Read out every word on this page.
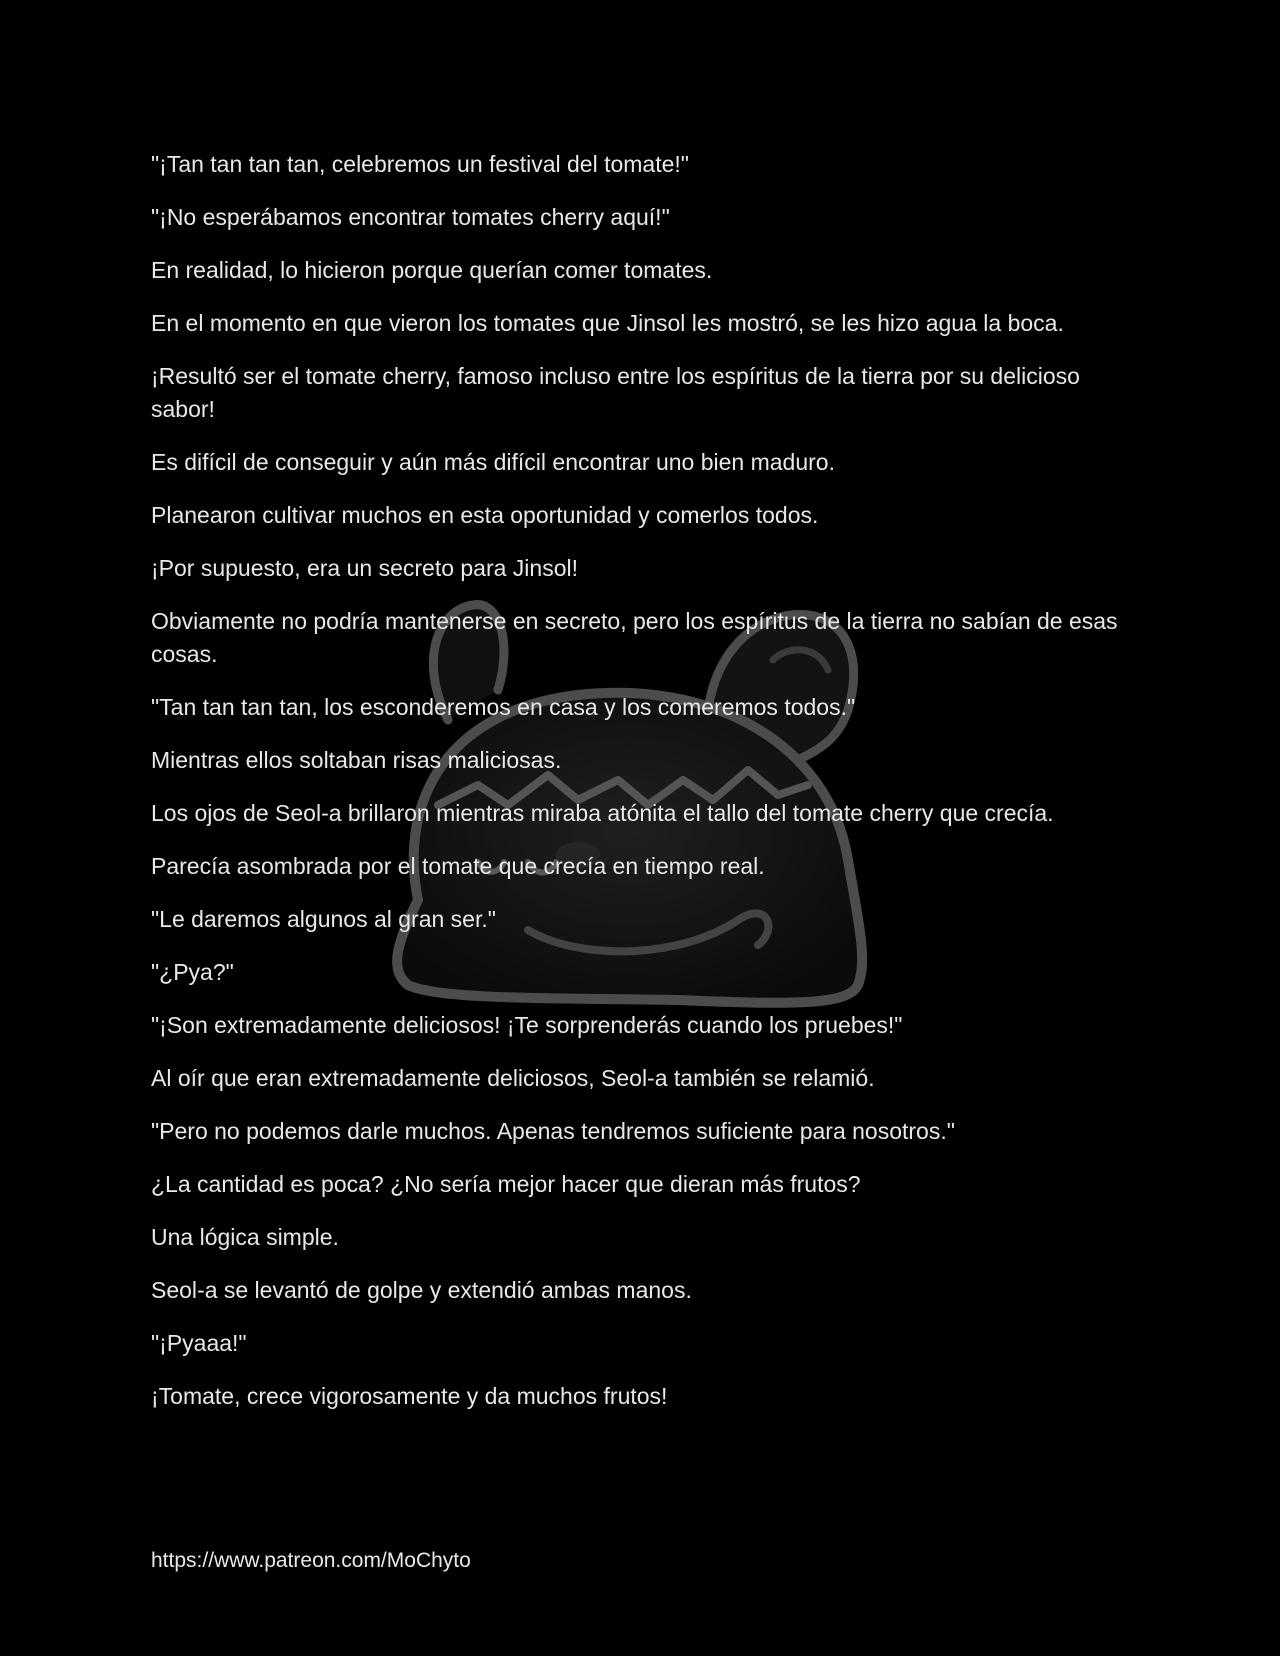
"¡Tan tan tan tan, celebremos un festival del tomate!"

"¡No esperábamos encontrar tomates cherry aquí!"

En realidad, lo hicieron porque querían comer tomates.

En el momento en que vieron los tomates que Jinsol les mostró, se les hizo agua la boca.

¡Resultó ser el tomate cherry, famoso incluso entre los espíritus de la tierra por su delicioso sabor!

Es difícil de conseguir y aún más difícil encontrar uno bien maduro.

Planearon cultivar muchos en esta oportunidad y comerlos todos.

¡Por supuesto, era un secreto para Jinsol!

Obviamente no podría mantenerse en secreto, pero los espíritus de la tierra no sabían de esas cosas.

"Tan tan tan tan, los esconderemos en casa y los comeremos todos."

Mientras ellos soltaban risas maliciosas.

Los ojos de Seol-a brillaron mientras miraba atónita el tallo del tomate cherry que crecía.

Parecía asombrada por el tomate que crecía en tiempo real.

"Le daremos algunos al gran ser."

"¿Pya?"

"¡Son extremadamente deliciosos! ¡Te sorprenderás cuando los pruebes!"

Al oír que eran extremadamente deliciosos, Seol-a también se relamió.

"Pero no podemos darle muchos. Apenas tendremos suficiente para nosotros."

¿La cantidad es poca? ¿No sería mejor hacer que dieran más frutos?

Una lógica simple.

Seol-a se levantó de golpe y extendió ambas manos.

"¡Pyaaa!"

¡Tomate, crece vigorosamente y da muchos frutos!

https://www.patreon.com/MoChyto
